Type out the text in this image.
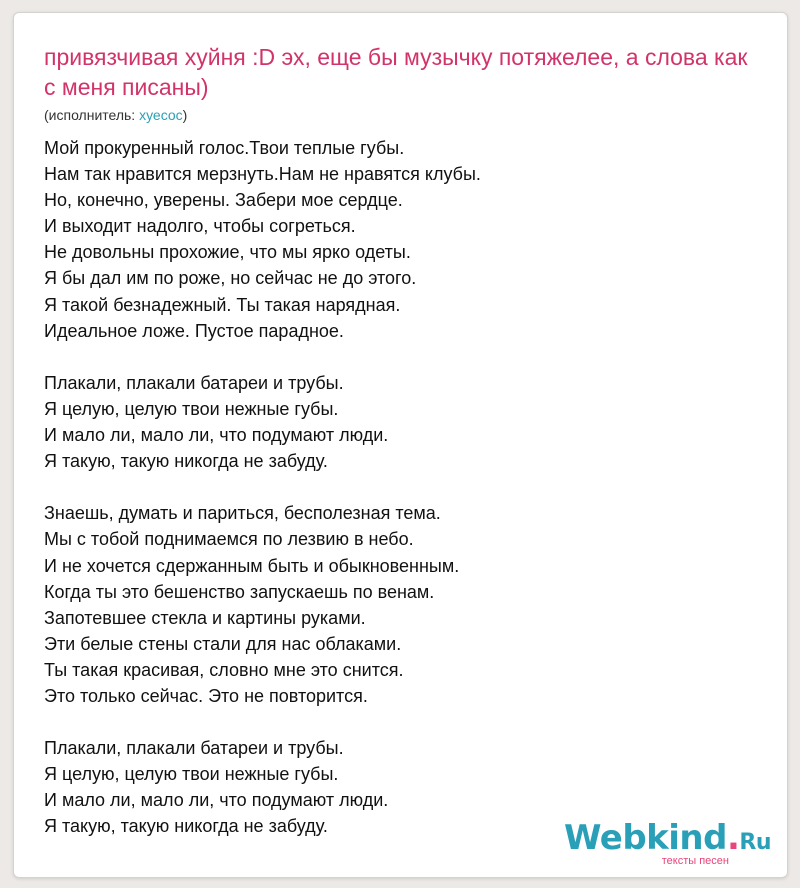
привязчивая хуйня :D эх, еще бы музычку потяжелее, а слова как с меня писаны)
(исполнитель: хуесос)
Мой прокуренный голос.Твои теплые губы.
Нам так нравится мерзнуть.Нам не нравятся клубы.
Но, конечно, уверены. Забери мое сердце.
И выходит надолго, чтобы согреться.
Не довольны прохожие, что мы ярко одеты.
Я бы дал им по роже, но сейчас не до этого.
Я такой безнадежный. Ты такая нарядная.
Идеальное ложе. Пустое парадное.
Плакали, плакали батареи и трубы.
Я целую, целую твои нежные губы.
И мало ли, мало ли, что подумают люди.
Я такую, такую никогда не забуду.
Знаешь, думать и париться, бесполезная тема.
Мы с тобой поднимаемся по лезвию в небо.
И не хочется сдержанным быть и обыкновенным.
Когда ты это бешенство запускаешь по венам.
Запотевшее стекла и картины руками.
Эти белые стены стали для нас облаками.
Ты такая красивая, словно мне это снится.
Это только сейчас. Это не повторится.
Плакали, плакали батареи и трубы.
Я целую, целую твои нежные губы.
И мало ли, мало ли, что подумают люди.
Я такую, такую никогда не забуду.	Webkind.Ru
тексты песен
